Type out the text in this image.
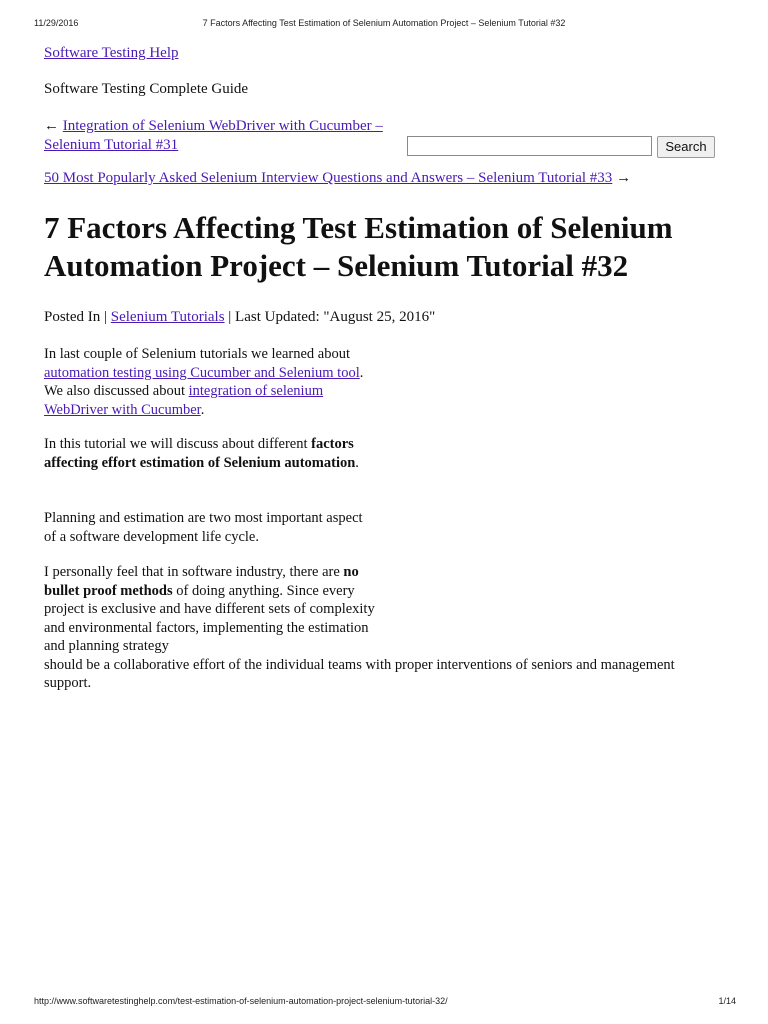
11/29/2016	7 Factors Affecting Test Estimation of Selenium Automation Project – Selenium Tutorial #32
Software Testing Help
Software Testing Complete Guide
← Integration of Selenium WebDriver with Cucumber – Selenium Tutorial #31	Search
50 Most Popularly Asked Selenium Interview Questions and Answers – Selenium Tutorial #33 →
7 Factors Affecting Test Estimation of Selenium Automation Project – Selenium Tutorial #32
Posted In | Selenium Tutorials | Last Updated: "August 25, 2016"

In last couple of Selenium tutorials we learned about automation testing using Cucumber and Selenium tool. We also discussed about integration of selenium WebDriver with Cucumber.

In this tutorial we will discuss about different factors affecting effort estimation of Selenium automation.

Planning and estimation are two most important aspect of a software development life cycle.

I personally feel that in software industry, there are no bullet proof methods of doing anything. Since every project is exclusive and have different sets of complexity and environmental factors, implementing the estimation and planning strategy
should be a collaborative effort of the individual teams with proper interventions of seniors and management support.

http://www.softwaretestinghelp.com/test-estimation-of-selenium-automation-project-selenium-tutorial-32/	1/14
